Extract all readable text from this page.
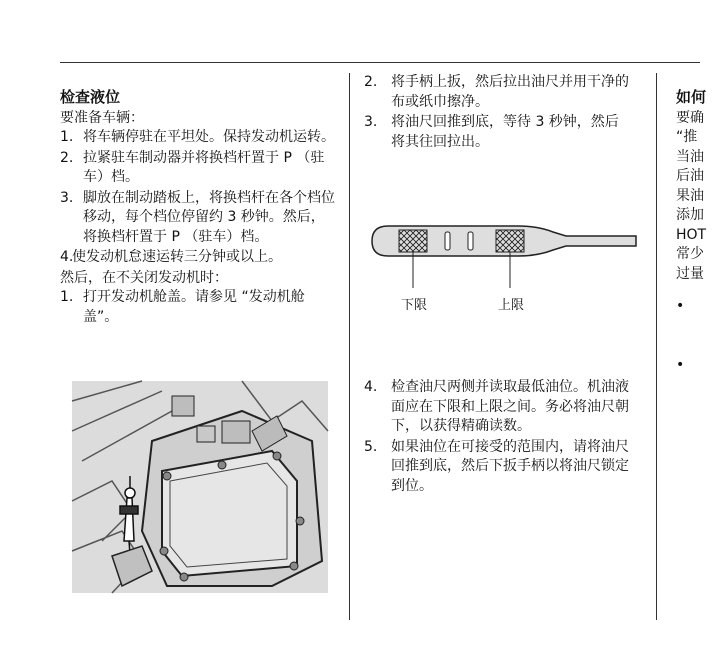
检查液位

要准备车辆：

1. 将车辆停驻在平坦处。保持发动机运转。
2. 拉紧驻车制动器并将换档杆置于 P （驻车）档。
3. 脚放在制动踏板上，将换档杆在各个档位移动，每个档位停留约 3 秒钟。然后，将换档杆置于 P （驻车）档。
4.
使发动机怠速运转三分钟或以上。

然后，在不关闭发动机时：

1. 打开发动机舱盖。请参见 “发动机舱盖”。
2. 将手柄上扳，然后拉出油尺并用干净的布或纸巾擦净。
3. 将油尺回推到底，等待 3 秒钟，然后将其往回拉出。
下限	上限
4. 检查油尺两侧并读取最低油位。机油液面应在下限和上限之间。务必将油尺朝下，以获得精确读数。
5. 如果油位在可接受的范围内，请将油尺回推到底，然后下扳手柄以将油尺锁定到位。
如何
要确
“推
当油
后油
果油
添加
HOT
常少
过量
•
•
